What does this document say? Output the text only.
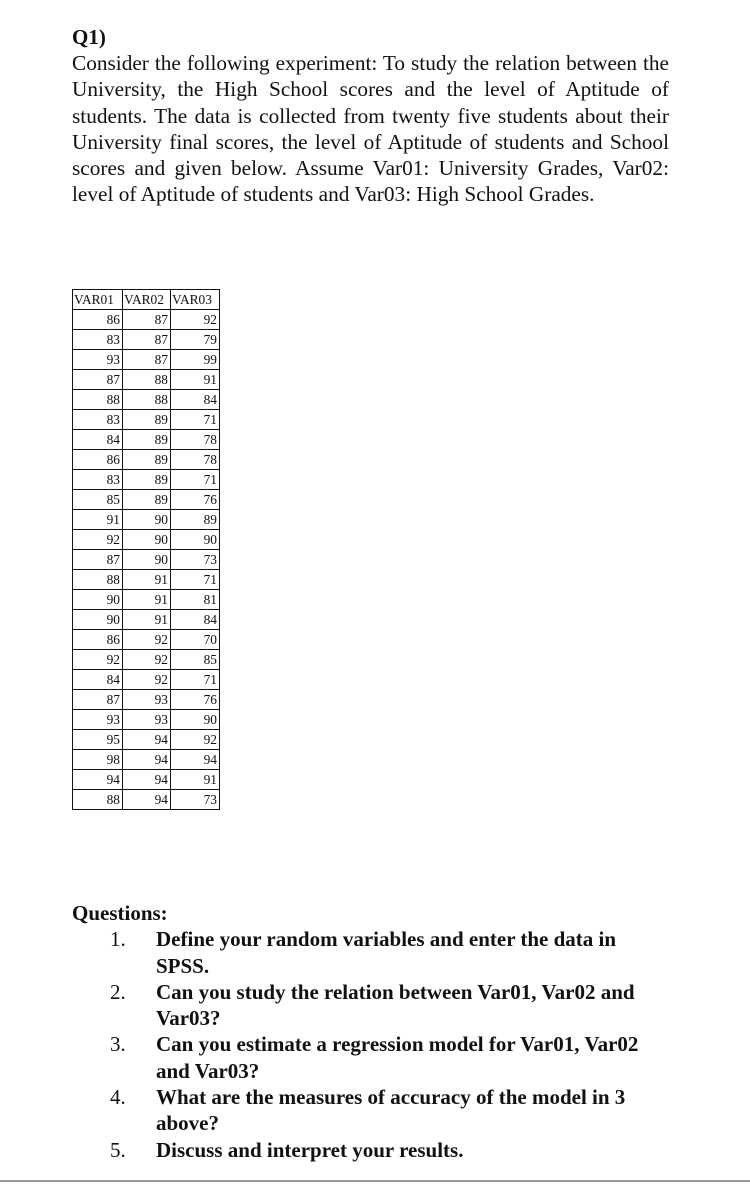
Q1)
Consider the following experiment: To study the relation between the University, the High School scores and the level of Aptitude of students. The data is collected from twenty five students about their University final scores, the level of Aptitude of students and School scores and given below. Assume Var01: University Grades, Var02: level of Aptitude of students and Var03: High School Grades.
VAR01	VAR02	VAR03
86	87	92
83	87	79
93	87	99
87	88	91
88	88	84
83	89	71
84	89	78
86	89	78
83	89	71
85	89	76
91	90	89
92	90	90
87	90	73
88	91	71
90	91	81
90	91	84
86	92	70
92	92	85
84	92	71
87	93	76
93	93	90
95	94	92
98	94	94
94	94	91
88	94	73
Questions:
1. Define your random variables and enter the data in SPSS.
2. Can you study the relation between Var01, Var02 and Var03?
3. Can you estimate a regression model for Var01, Var02 and Var03?
4. What are the measures of accuracy of the model in 3 above?
5. Discuss and interpret your results.
